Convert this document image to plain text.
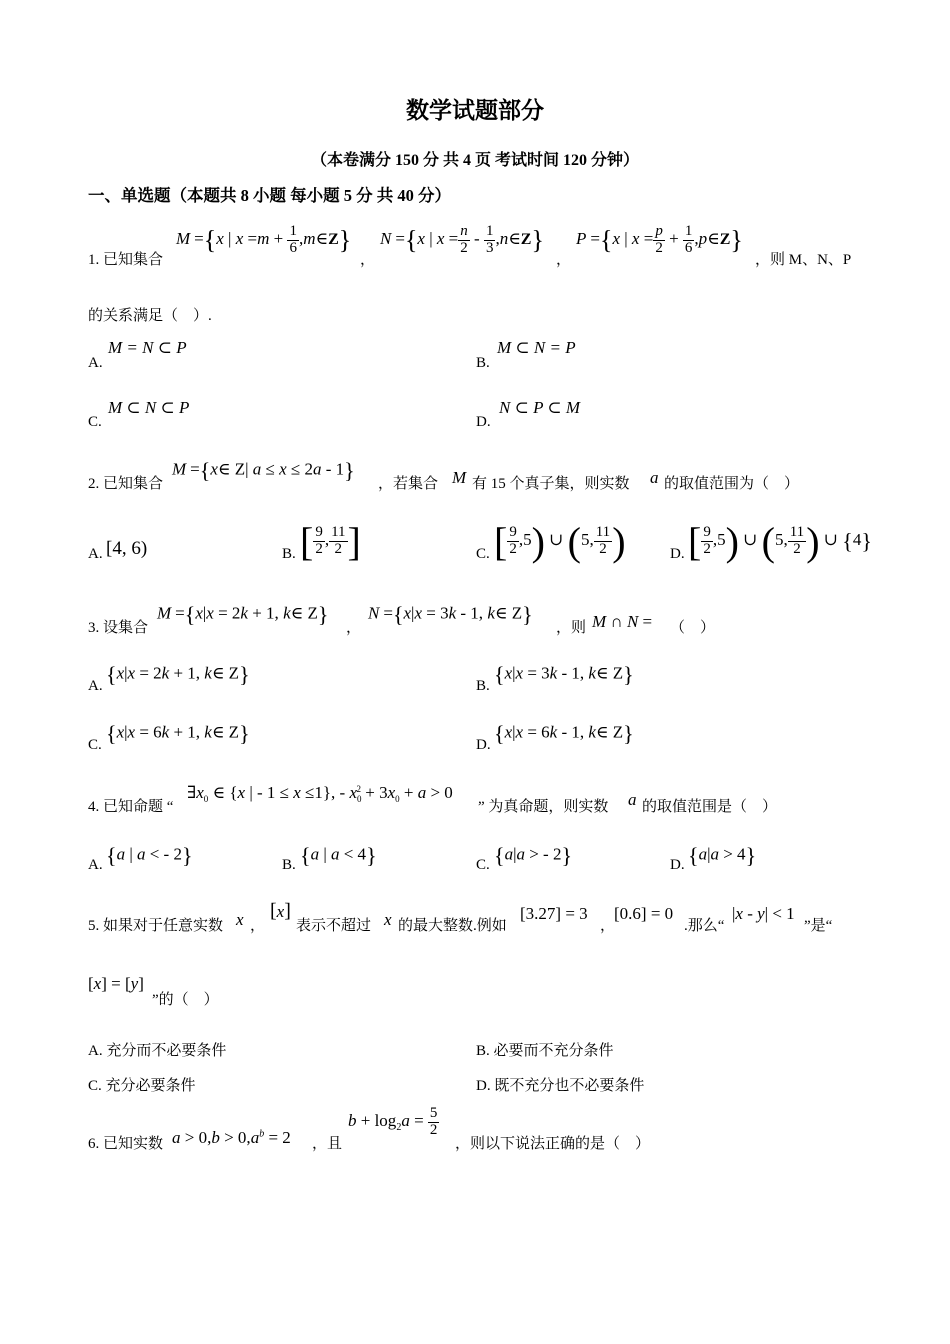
数学试题部分
（本卷满分 150 分 共 4 页 考试时间 120 分钟）
一、单选题（本题共 8 小题 每小题 5 分 共 40 分）
1. 已知集合
M ={x | $x =m + \frac{1}{6}$ ,m∈Z}
，
N ={x | $x = \frac{n}{2} - \frac{1}{3}$ ,n∈Z}
，
P ={x | $x = \frac{p}{2} + \frac{1}{6}$ ,p∈Z}
，则 M、N、P
的关系满足（　）.
A.
M = N ⊂ P
B.
M ⊂ N = P
C.
M ⊂ N ⊂ P
D.
N ⊂ P ⊂ M
2. 已知集合
M ={x∈ Z| a ≤ x ≤ 2a - 1}
，若集合 M 有 15 个真子集，则实数 a 的取值范围为（　）
A. [4, 6)	B. [ $\frac{9}{2}$ , $\frac{11}{2}$ ]	C. [ $\frac{9}{2} ,5$) ∪ (5, $\frac{11}{2}$ )	D. [ $\frac{9}{2} ,5$) ∪ (5, $\frac{11}{2}$ ) ∪ {4}
3. 设集合
M ={x|x = 2k + 1, k∈ Z}
，
N ={x|x = 3k - 1, k∈ Z}
，则 M ∩ N = （　）
A. {x|x = 2k + 1, k∈ Z}	B. {x|x = 3k - 1, k∈ Z}
C. {x|x = 6k + 1, k∈ Z}	D. {x|x = 6k - 1, k∈ Z}
4. 已知命题 “
$\exists x_0$ ∈ {x | - 1 ≤ x ≤1}, - $x_0^2 + 3x_0 + a > 0$
” 为真命题，则实数 a 的取值范围是（　）
A. {a | a < - 2}	B. {a | a < 4}	C. {a|a > - 2}	D. {a|a > 4}
5. 如果对于任意实数 x ，
[x]
表示不超过 x 的最大整数.例如
[3.27] = 3
，
[0.6] = 0
.那么“
|x - y| < 1
”是“
[x] = [y]
”的（　）
A. 充分而不必要条件	B. 必要而不充分条件
C. 充分必要条件	D. 既不充分也不必要条件
6. 已知实数 $a > 0,b > 0,a^b = 2$ ，且
$b + \log_2a = \frac{5}{2}$
，则以下说法正确的是（　）
